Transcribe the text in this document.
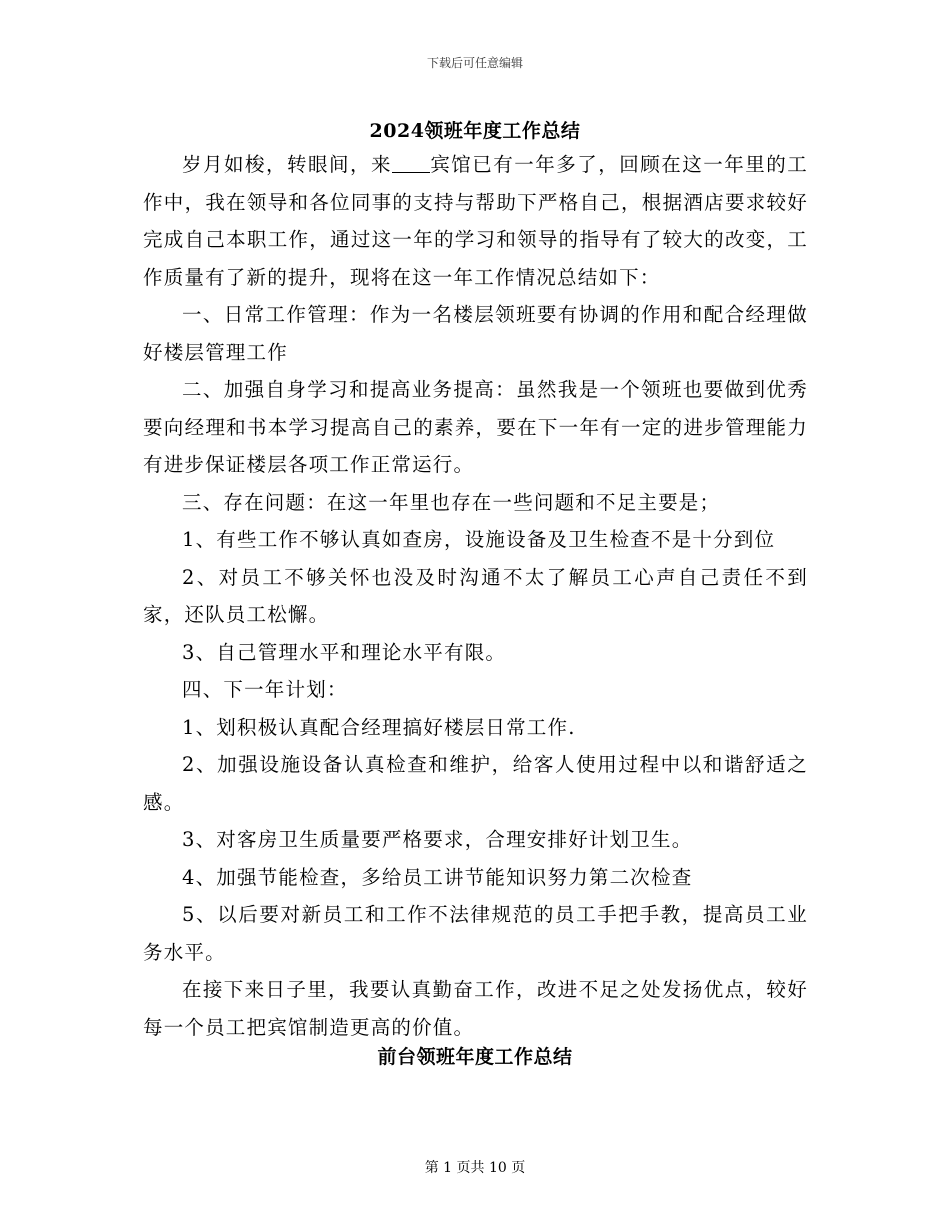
下载后可任意编辑
2024领班年度工作总结

岁月如梭，转眼间，来 宾馆已有一年多了，回顾在这一年里的工作中，我在领导和各位同事的支持与帮助下严格自己，根据酒店要求较好完成自己本职工作，通过这一年的学习和领导的指导有了较大的改变，工作质量有了新的提升，现将在这一年工作情况总结如下：

一、日常工作管理：作为一名楼层领班要有协调的作用和配合经理做好楼层管理工作

二、加强自身学习和提高业务提高：虽然我是一个领班也要做到优秀要向经理和书本学习提高自己的素养，要在下一年有一定的进步管理能力有进步保证楼层各项工作正常运行。

三、存在问题：在这一年里也存在一些问题和不足主要是；

1、有些工作不够认真如查房，设施设备及卫生检查不是十分到位

2、对员工不够关怀也没及时沟通不太了解员工心声自己责任不到家，还队员工松懈。

3、自己管理水平和理论水平有限。

四、下一年计划：

1、划积极认真配合经理搞好楼层日常工作.

2、加强设施设备认真检查和维护，给客人使用过程中以和谐舒适之感。

3、对客房卫生质量要严格要求，合理安排好计划卫生。

4、加强节能检查，多给员工讲节能知识努力第二次检查

5、以后要对新员工和工作不法律规范的员工手把手教，提高员工业务水平。

在接下来日子里，我要认真勤奋工作，改进不足之处发扬优点，较好每一个员工把宾馆制造更高的价值。

前台领班年度工作总结
第 1 页共 10 页
